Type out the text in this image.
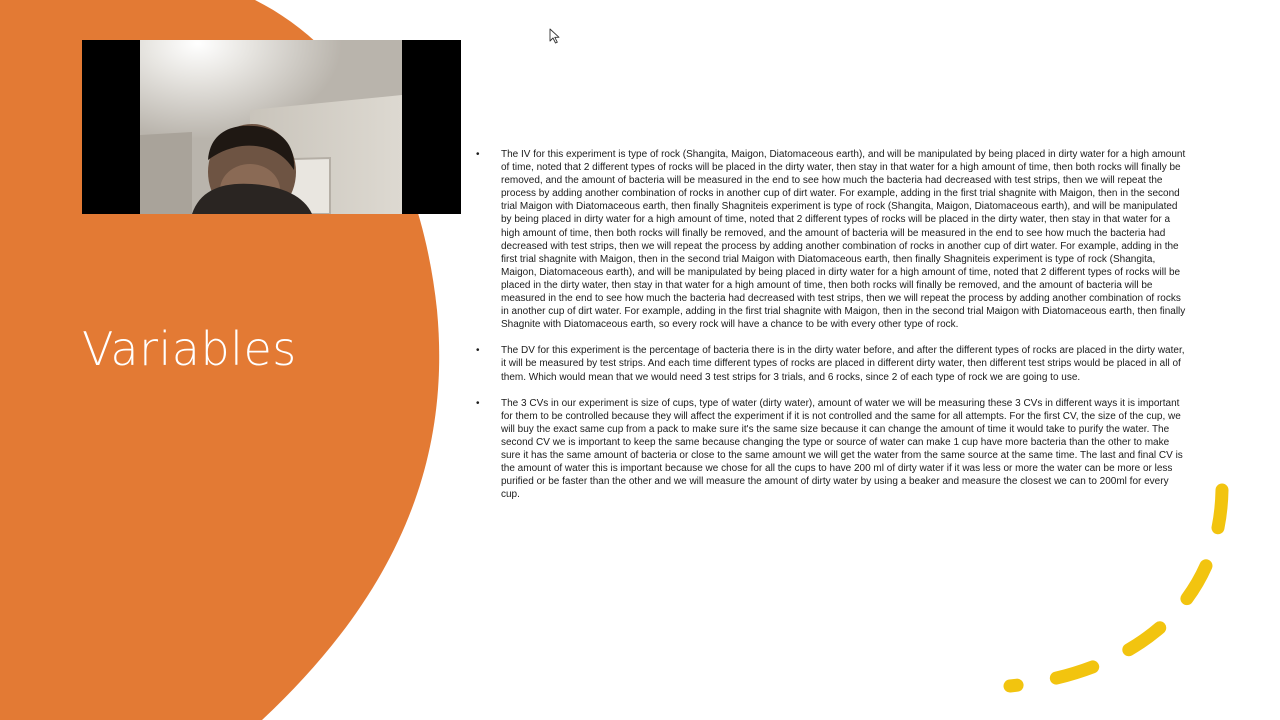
Variables
• The IV for this experiment is type of rock (Shangita, Maigon, Diatomaceous earth), and will be manipulated by being placed in dirty water for a high amount of time, noted that 2 different types of rocks will be placed in the dirty water, then stay in that water for a high amount of time, then both rocks will finally be removed, and the amount of bacteria will be measured in the end to see how much the bacteria had decreased with test strips, then we will repeat the process by adding another combination of rocks in another cup of dirt water. For example, adding in the first trial shagnite with Maigon, then in the second trial Maigon with Diatomaceous earth, then finally Shagniteis experiment is type of rock (Shangita, Maigon, Diatomaceous earth), and will be manipulated by being placed in dirty water for a high amount of time, noted that 2 different types of rocks will be placed in the dirty water, then stay in that water for a high amount of time, then both rocks will finally be removed, and the amount of bacteria will be measured in the end to see how much the bacteria had decreased with test strips, then we will repeat the process by adding another combination of rocks in another cup of dirt water. For example, adding in the first trial shagnite with Maigon, then in the second trial Maigon with Diatomaceous earth, then finally Shagniteis experiment is type of rock (Shangita, Maigon, Diatomaceous earth), and will be manipulated by being placed in dirty water for a high amount of time, noted that 2 different types of rocks will be placed in the dirty water, then stay in that water for a high amount of time, then both rocks will finally be removed, and the amount of bacteria will be measured in the end to see how much the bacteria had decreased with test strips, then we will repeat the process by adding another combination of rocks in another cup of dirt water. For example, adding in the first trial shagnite with Maigon, then in the second trial Maigon with Diatomaceous earth, then finally Shagnite with Diatomaceous earth, so every rock will have a chance to be with every other type of rock.
• The DV for this experiment is the percentage of bacteria there is in the dirty water before, and after the different types of rocks are placed in the dirty water, it will be measured by test strips. And each time different types of rocks are placed in different dirty water, then different test strips would be placed in all of them. Which would mean that we would need 3 test strips for 3 trials, and 6 rocks, since 2 of each type of rock we are going to use.
• The 3 CVs in our experiment is size of cups, type of water (dirty water), amount of water we will be measuring these 3 CVs in different ways it is important for them to be controlled because they will affect the experiment if it is not controlled and the same for all attempts. For the first CV, the size of the cup, we will buy the exact same cup from a pack to make sure it's the same size because it can change the amount of time it would take to purify the water. The second CV we is important to keep the same because changing the type or source of water can make 1 cup have more bacteria than the other to make sure it has the same amount of bacteria or close to the same amount we will get the water from the same source at the same time. The last and final CV is the amount of water this is important because we chose for all the cups to have 200 ml of dirty water if it was less or more the water can be more or less purified or be faster than the other and we will measure the amount of dirty water by using a beaker and measure the closest we can to 200ml for every cup.
